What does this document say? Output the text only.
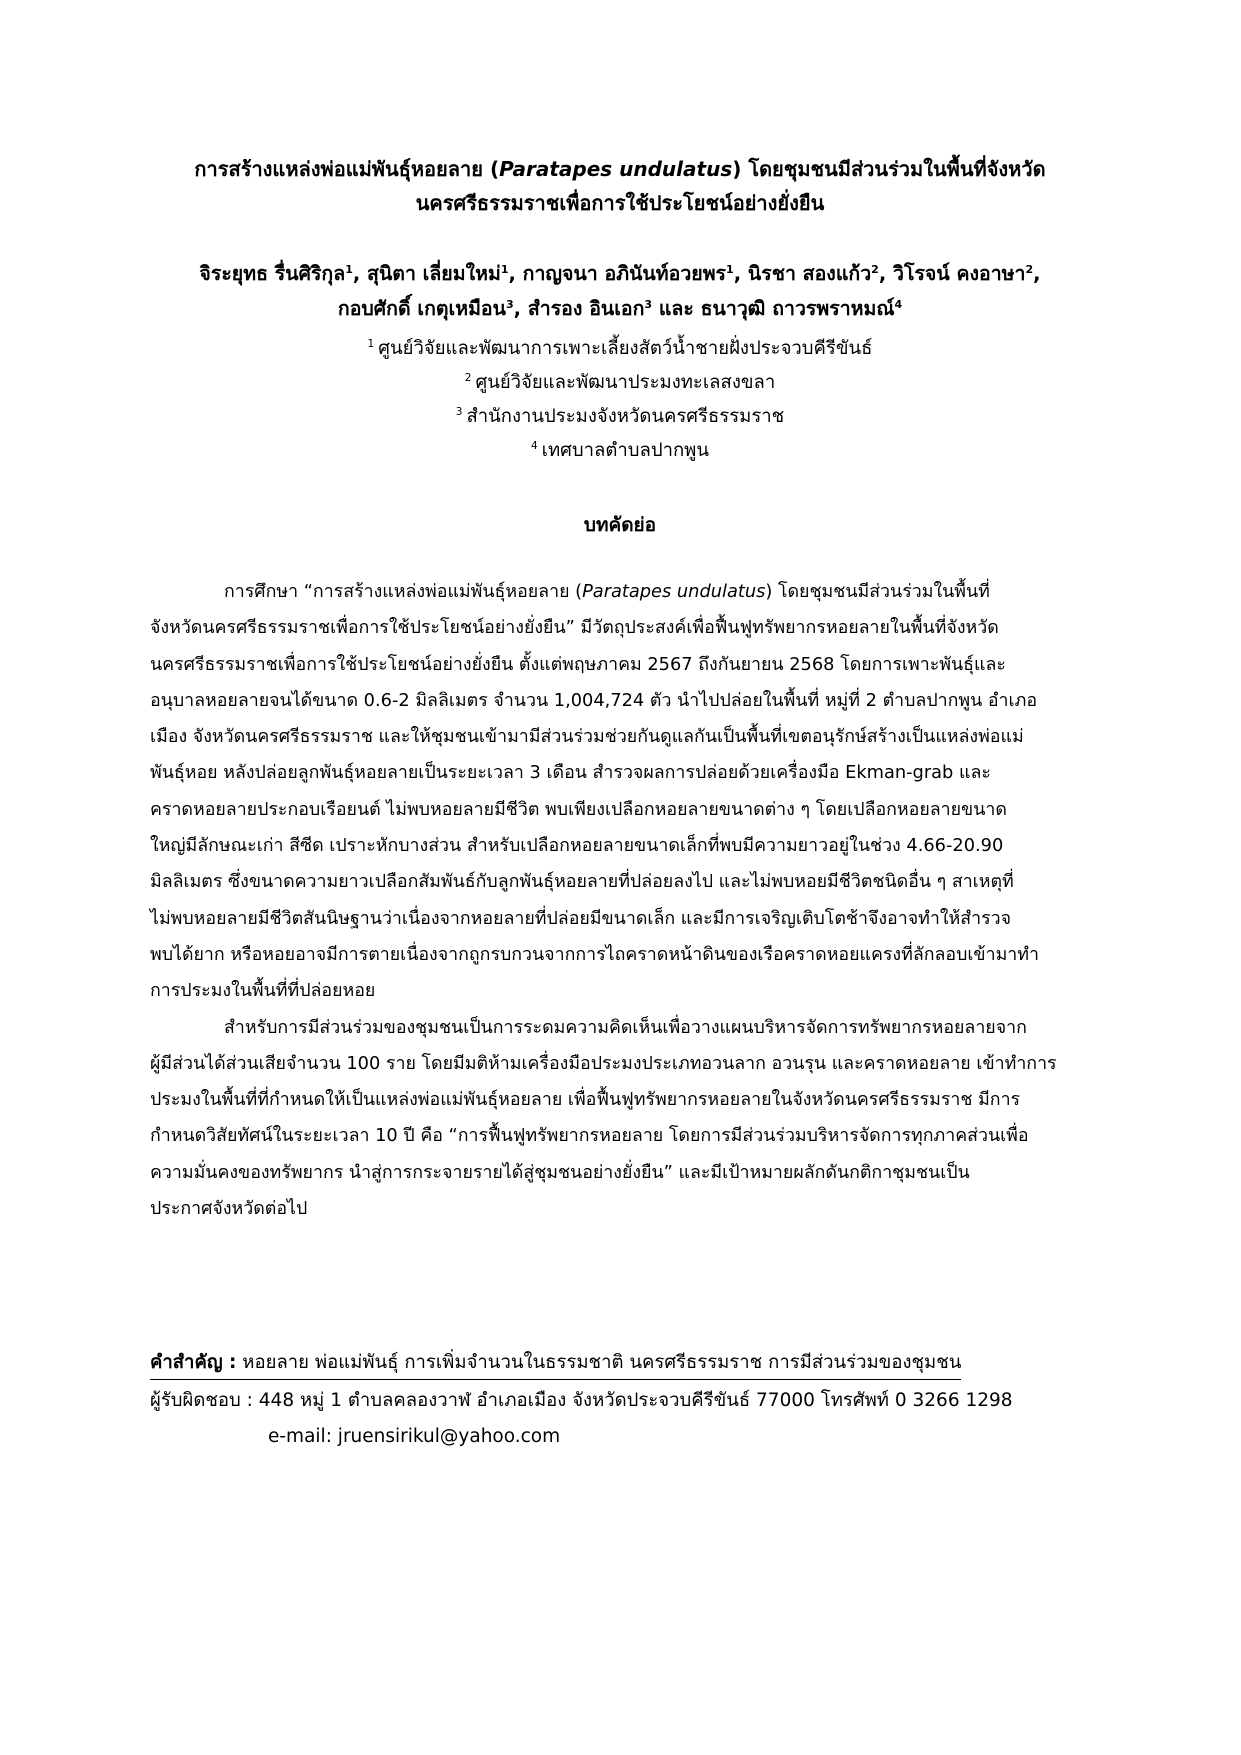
การสร้างแหล่งพ่อแม่พันธุ์หอยลาย (Paratapes undulatus) โดยชุมชนมีส่วนร่วมในพื้นที่จังหวัด
นครศรีธรรมราชเพื่อการใช้ประโยชน์อย่างยั่งยืน
จิระยุทธ รื่นศิริกุล$^1$, สุนิตา เลี่ยมใหม่$^1$, กาญจนา อภินันท์อวยพร$^1$, นิรชา สองแก้ว$^2$, วิโรจน์ คงอาษา$^2$,
กอบศักดิ์ เกตุเหมือน$^3$, สำรอง อินเอก$^3$ และ ธนาวุฒิ ถาวรพราหมณ์$^4$
$^1$ ศูนย์วิจัยและพัฒนาการเพาะเลี้ยงสัตว์น้ำชายฝั่งประจวบคีรีขันธ์
$^2$ ศูนย์วิจัยและพัฒนาประมงทะเลสงขลา
$^3$ สำนักงานประมงจังหวัดนครศรีธรรมราช
$^4$ เทศบาลตำบลปากพูน
บทคัดย่อ
การศึกษา “การสร้างแหล่งพ่อแม่พันธุ์หอยลาย (Paratapes undulatus) โดยชุมชนมีส่วนร่วมในพื้นที่
จังหวัดนครศรีธรรมราชเพื่อการใช้ประโยชน์อย่างยั่งยืน” มีวัตถุประสงค์เพื่อฟื้นฟูทรัพยากรหอยลายในพื้นที่จังหวัด
นครศรีธรรมราชเพื่อการใช้ประโยชน์อย่างยั่งยืน ตั้งแต่พฤษภาคม 2567 ถึงกันยายน 2568 โดยการเพาะพันธุ์และ
อนุบาลหอยลายจนได้ขนาด 0.6-2 มิลลิเมตร จำนวน 1,004,724 ตัว นำไปปล่อยในพื้นที่ หมู่ที่ 2 ตำบลปากพูน อำเภอ
เมือง จังหวัดนครศรีธรรมราช และให้ชุมชนเข้ามามีส่วนร่วมช่วยกันดูแลกันเป็นพื้นที่เขตอนุรักษ์สร้างเป็นแหล่งพ่อแม่
พันธุ์หอย หลังปล่อยลูกพันธุ์หอยลายเป็นระยะเวลา 3 เดือน สำรวจผลการปล่อยด้วยเครื่องมือ Ekman-grab และ
คราดหอยลายประกอบเรือยนต์ ไม่พบหอยลายมีชีวิต พบเพียงเปลือกหอยลายขนาดต่าง ๆ โดยเปลือกหอยลายขนาด
ใหญ่มีลักษณะเก่า สีซีด เปราะหักบางส่วน สำหรับเปลือกหอยลายขนาดเล็กที่พบมีความยาวอยู่ในช่วง 4.66-20.90
มิลลิเมตร ซึ่งขนาดความยาวเปลือกสัมพันธ์กับลูกพันธุ์หอยลายที่ปล่อยลงไป และไม่พบหอยมีชีวิตชนิดอื่น ๆ สาเหตุที่
ไม่พบหอยลายมีชีวิตสันนิษฐานว่าเนื่องจากหอยลายที่ปล่อยมีขนาดเล็ก และมีการเจริญเติบโตช้าจึงอาจทำให้สำรวจ
พบได้ยาก หรือหอยอาจมีการตายเนื่องจากถูกรบกวนจากการไถคราดหน้าดินของเรือคราดหอยแครงที่ลักลอบเข้ามาทำ
การประมงในพื้นที่ที่ปล่อยหอย
สำหรับการมีส่วนร่วมของชุมชนเป็นการระดมความคิดเห็นเพื่อวางแผนบริหารจัดการทรัพยากรหอยลายจาก
ผู้มีส่วนได้ส่วนเสียจำนวน 100 ราย โดยมีมติห้ามเครื่องมือประมงประเภทอวนลาก อวนรุน และคราดหอยลาย เข้าทำการ
ประมงในพื้นที่ที่กำหนดให้เป็นแหล่งพ่อแม่พันธุ์หอยลาย เพื่อฟื้นฟูทรัพยากรหอยลายในจังหวัดนครศรีธรรมราช มีการ
กำหนดวิสัยทัศน์ในระยะเวลา 10 ปี คือ “การฟื้นฟูทรัพยากรหอยลาย โดยการมีส่วนร่วมบริหารจัดการทุกภาคส่วนเพื่อ
ความมั่นคงของทรัพยากร นำสู่การกระจายรายได้สู่ชุมชนอย่างยั่งยืน” และมีเป้าหมายผลักดันกติกาชุมชนเป็น
ประกาศจังหวัดต่อไป
คำสำคัญ : หอยลาย พ่อแม่พันธุ์ การเพิ่มจำนวนในธรรมชาติ นครศรีธรรมราช การมีส่วนร่วมของชุมชน
ผู้รับผิดชอบ : 448 หมู่ 1 ตำบลคลองวาฬ อำเภอเมือง จังหวัดประจวบคีรีขันธ์ 77000 โทรศัพท์ 0 3266 1298
e-mail: jruensirikul@yahoo.com
